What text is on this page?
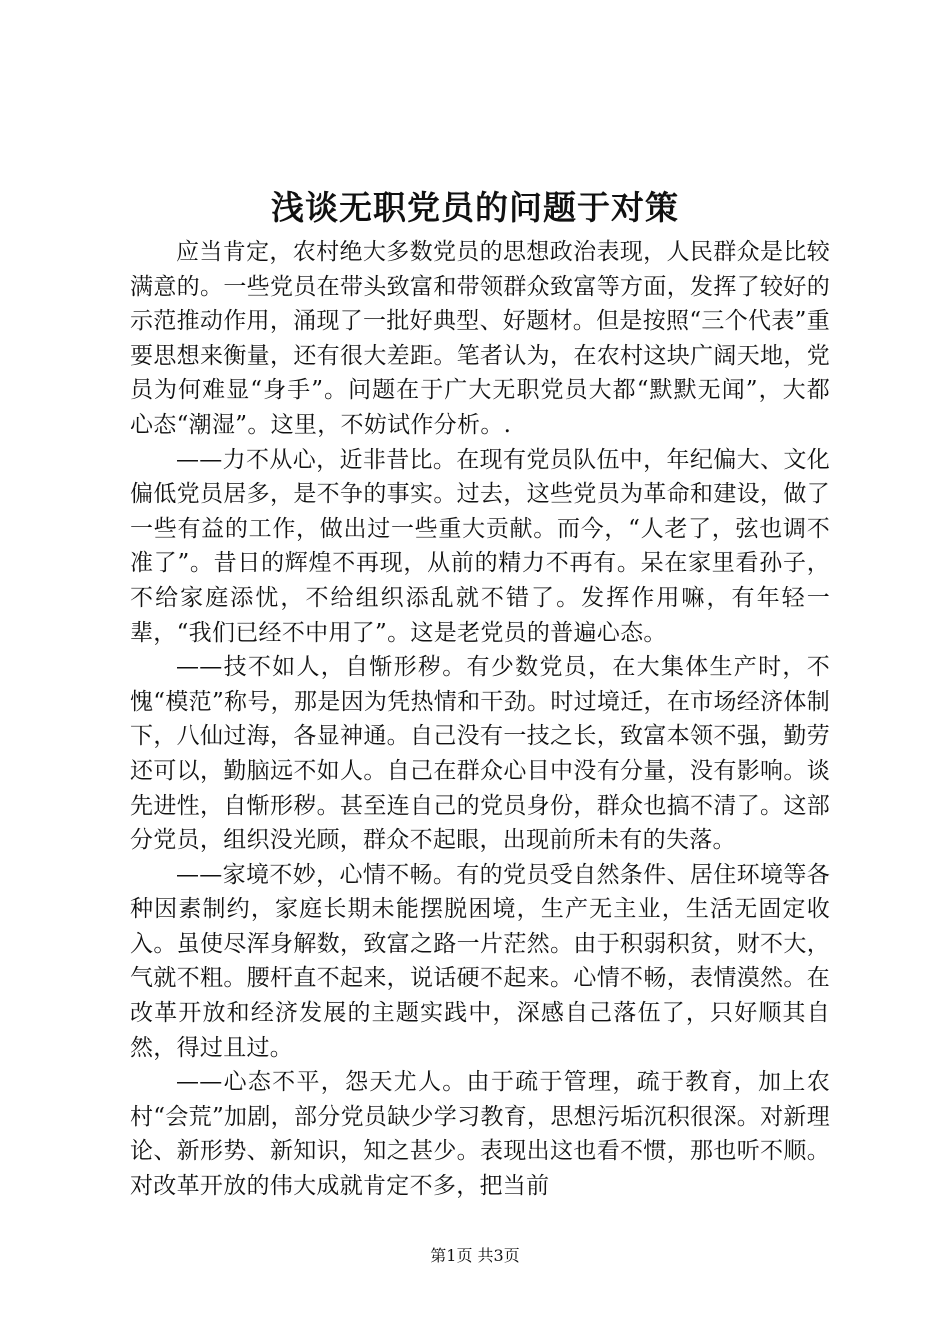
浅谈无职党员的问题于对策

应当肯定，农村绝大多数党员的思想政治表现，人民群众是比较满意的。一些党员在带头致富和带领群众致富等方面，发挥了较好的示范推动作用，涌现了一批好典型、好题材。但是按照“三个代表”重要思想来衡量，还有很大差距。笔者认为，在农村这块广阔天地，党员为何难显“身手”。问题在于广大无职党员大都“默默无闻”，大都心态“潮湿”。这里，不妨试作分析。.

——力不从心，近非昔比。在现有党员队伍中，年纪偏大、文化偏低党员居多，是不争的事实。过去，这些党员为革命和建设，做了一些有益的工作，做出过一些重大贡献。而今，“人老了，弦也调不准了”。昔日的辉煌不再现，从前的精力不再有。呆在家里看孙子，不给家庭添忧，不给组织添乱就不错了。发挥作用嘛，有年轻一辈，“我们已经不中用了”。这是老党员的普遍心态。

——技不如人，自惭形秽。有少数党员，在大集体生产时，不愧“模范”称号，那是因为凭热情和干劲。时过境迁，在市场经济体制下，八仙过海，各显神通。自己没有一技之长，致富本领不强，勤劳还可以，勤脑远不如人。自己在群众心目中没有分量，没有影响。谈先进性，自惭形秽。甚至连自己的党员身份，群众也搞不清了。这部分党员，组织没光顾，群众不起眼，出现前所未有的失落。

——家境不妙，心情不畅。有的党员受自然条件、居住环境等各种因素制约，家庭长期未能摆脱困境，生产无主业，生活无固定收入。虽使尽浑身解数，致富之路一片茫然。由于积弱积贫，财不大，气就不粗。腰杆直不起来，说话硬不起来。心情不畅，表情漠然。在改革开放和经济发展的主题实践中，深感自己落伍了，只好顺其自然，得过且过。

——心态不平，怨天尤人。由于疏于管理，疏于教育，加上农村“会荒”加剧，部分党员缺少学习教育，思想污垢沉积很深。对新理论、新形势、新知识，知之甚少。表现出这也看不惯，那也听不顺。对改革开放的伟大成就肯定不多，把当前

第1页 共3页
